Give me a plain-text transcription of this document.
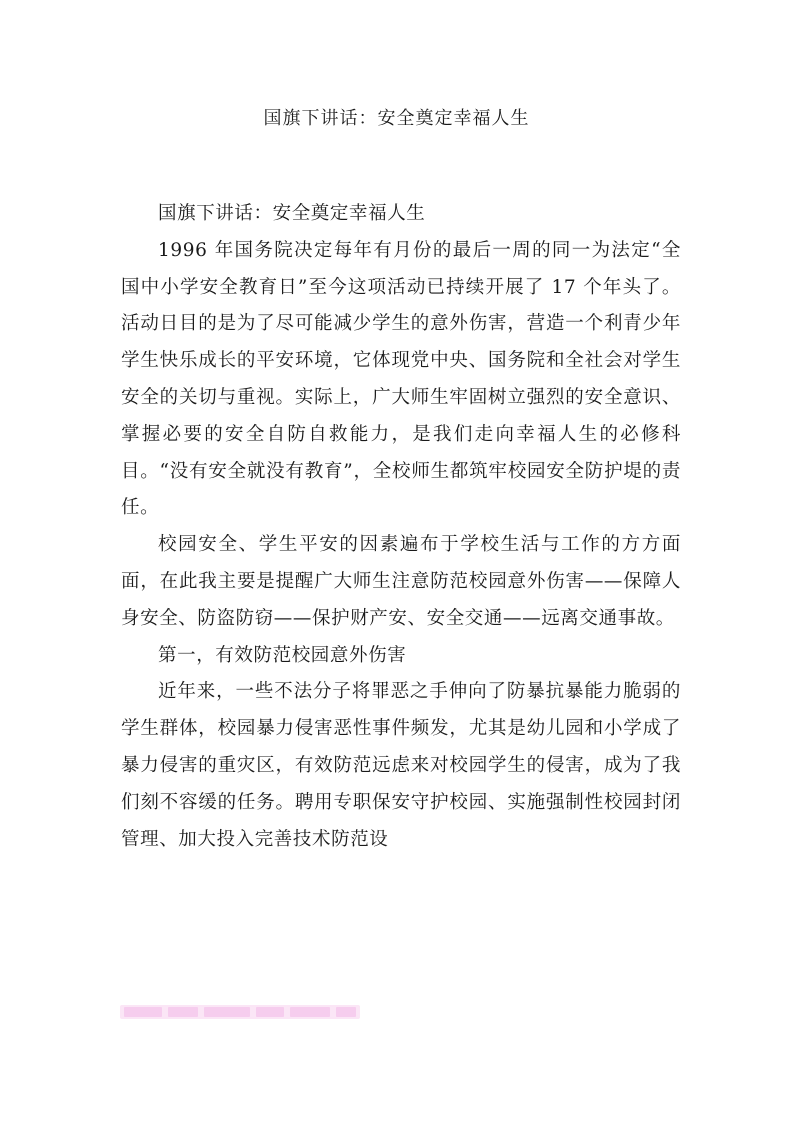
国旗下讲话：安全奠定幸福人生

国旗下讲话：安全奠定幸福人生

1996 年国务院决定每年有月份的最后一周的同一为法定“全国中小学安全教育日”至今这项活动已持续开展了 17 个年头了。活动日目的是为了尽可能减少学生的意外伤害，营造一个利青少年学生快乐成长的平安环境，它体现党中央、国务院和全社会对学生安全的关切与重视。实际上，广大师生牢固树立强烈的安全意识、掌握必要的安全自防自救能力，是我们走向幸福人生的必修科目。“没有安全就没有教育”，全校师生都筑牢校园安全防护堤的责任。

校园安全、学生平安的因素遍布于学校生活与工作的方方面面，在此我主要是提醒广大师生注意防范校园意外伤害——保障人身安全、防盗防窃——保护财产安、安全交通——远离交通事故。

第一，有效防范校园意外伤害

近年来，一些不法分子将罪恶之手伸向了防暴抗暴能力脆弱的学生群体，校园暴力侵害恶性事件频发，尤其是幼儿园和小学成了暴力侵害的重灾区，有效防范远虑来对校园学生的侵害，成为了我们刻不容缓的任务。聘用专职保安守护校园、实施强制性校园封闭管理、加大投入完善技术防范设
